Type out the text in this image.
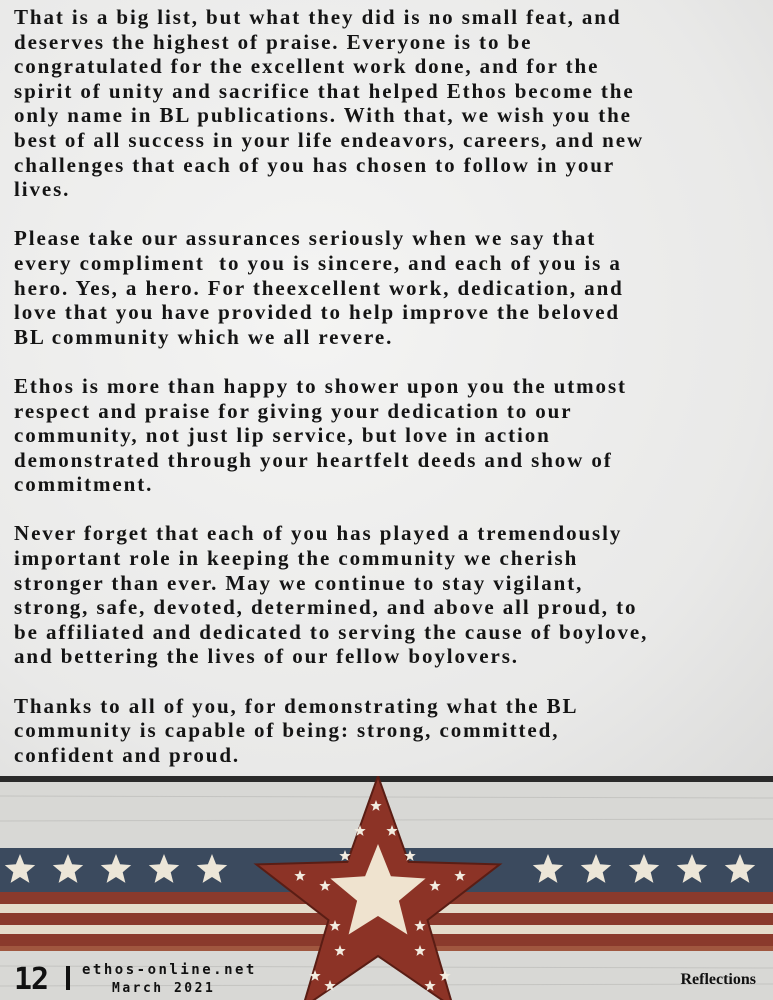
That is a big list, but what they did is no small feat, and
deserves the highest of praise. Everyone is to be
congratulated for the excellent work done, and for the
spirit of unity and sacrifice that helped Ethos become the
only name in BL publications. With that, we wish you the
best of all success in your life endeavors, careers, and new
challenges that each of you has chosen to follow in your
lives.
Please take our assurances seriously when we say that
every compliment  to you is sincere, and each of you is a
hero. Yes, a hero. For theexcellent work, dedication, and
love that you have provided to help improve the beloved
BL community which we all revere.
Ethos is more than happy to shower upon you the utmost
respect and praise for giving your dedication to our
community, not just lip service, but love in action
demonstrated through your heartfelt deeds and show of
commitment.
Never forget that each of you has played a tremendously
important role in keeping the community we cherish
stronger than ever. May we continue to stay vigilant,
strong, safe, devoted, determined, and above all proud, to
be affiliated and dedicated to serving the cause of boylove,
and bettering the lives of our fellow boylovers.
Thanks to all of you, for demonstrating what the BL
community is capable of being: strong, committed,
confident and proud.
12 ethos-online.net
March 2021
Reflections
